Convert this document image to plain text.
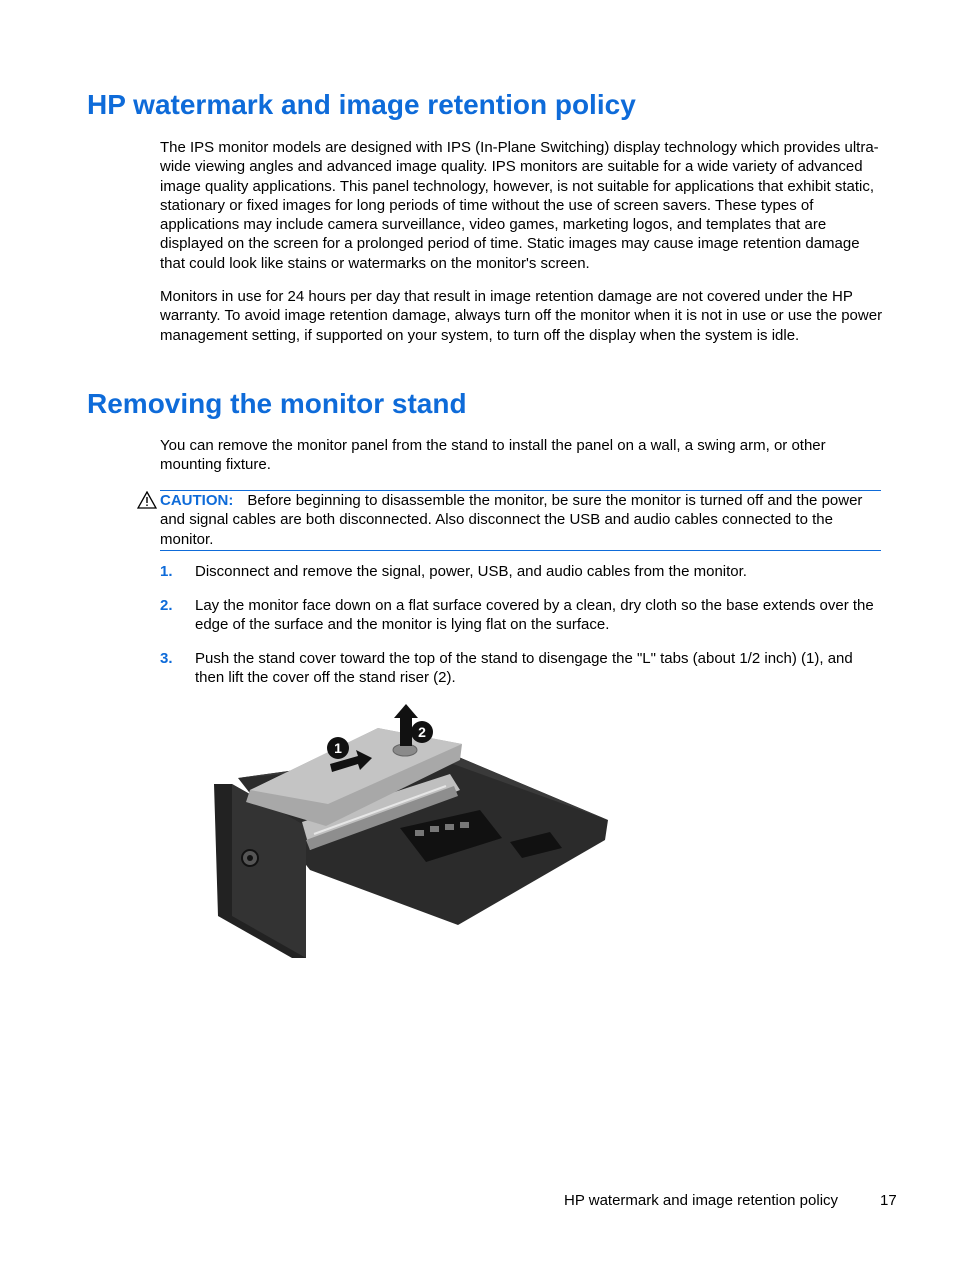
HP watermark and image retention policy

The IPS monitor models are designed with IPS (In-Plane Switching) display technology which provides ultra-wide viewing angles and advanced image quality. IPS monitors are suitable for a wide variety of advanced image quality applications. This panel technology, however, is not suitable for applications that exhibit static, stationary or fixed images for long periods of time without the use of screen savers. These types of applications may include camera surveillance, video games, marketing logos, and templates that are displayed on the screen for a prolonged period of time. Static images may cause image retention damage that could look like stains or watermarks on the monitor's screen.

Monitors in use for 24 hours per day that result in image retention damage are not covered under the HP warranty. To avoid image retention damage, always turn off the monitor when it is not in use or use the power management setting, if supported on your system, to turn off the display when the system is idle.

Removing the monitor stand

You can remove the monitor panel from the stand to install the panel on a wall, a swing arm, or other mounting fixture.

CAUTION: Before beginning to disassemble the monitor, be sure the monitor is turned off and the power and signal cables are both disconnected. Also disconnect the USB and audio cables connected to the monitor.

1. Disconnect and remove the signal, power, USB, and audio cables from the monitor.

2. Lay the monitor face down on a flat surface covered by a clean, dry cloth so the base extends over the edge of the surface and the monitor is lying flat on the surface.

3. Push the stand cover toward the top of the stand to disengage the "L" tabs (about 1/2 inch) (1), and then lift the cover off the stand riser (2).

1
2
HP watermark and image retention policy	17
